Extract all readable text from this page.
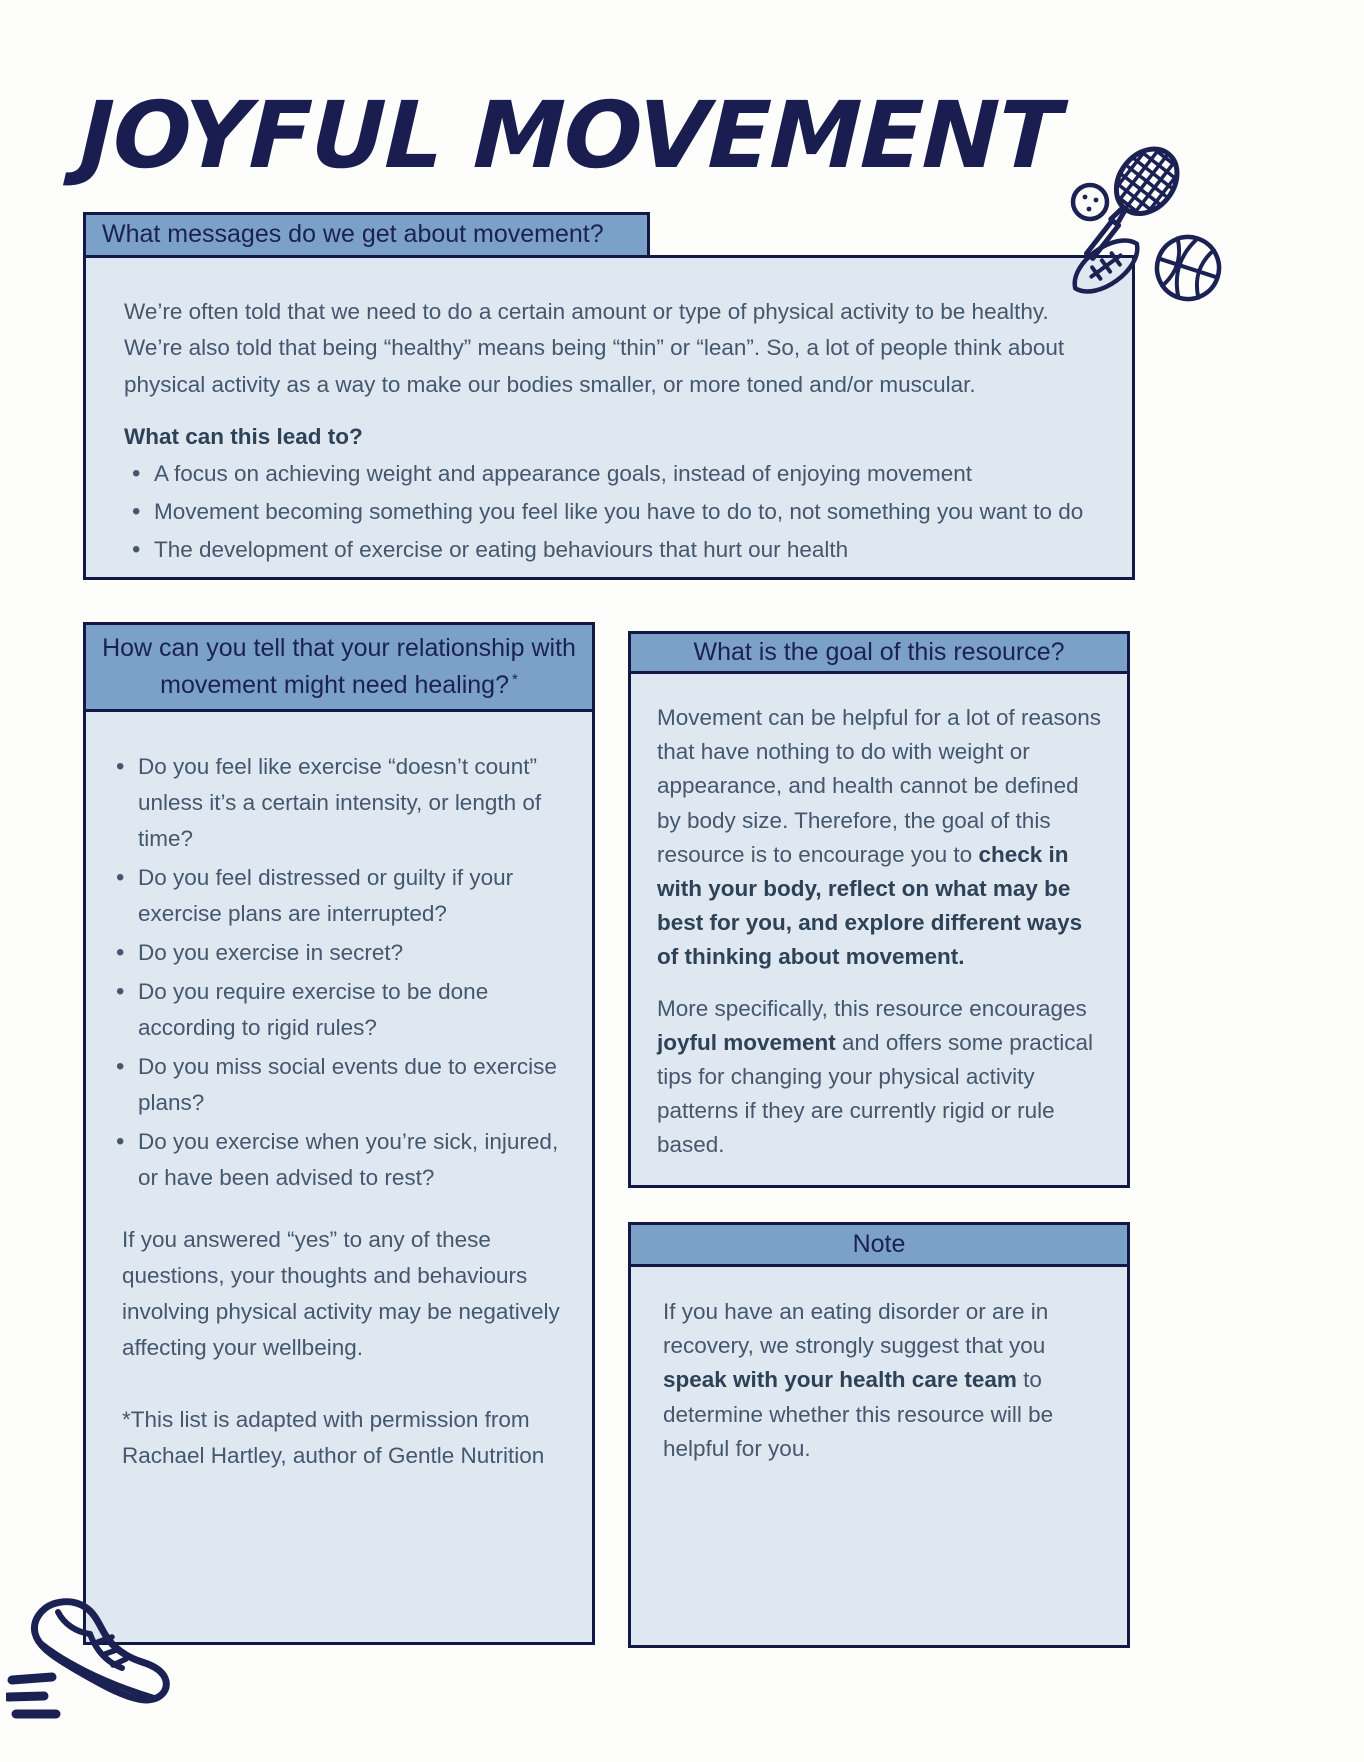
JOYFUL MOVEMENT
What messages do we get about movement?

We’re often told that we need to do a certain amount or type of physical activity to be healthy. We’re also told that being “healthy” means being “thin” or “lean”. So, a lot of people think about physical activity as a way to make our bodies smaller, or more toned and/or muscular.

What can this lead to?

• A focus on achieving weight and appearance goals, instead of enjoying movement
• Movement becoming something you feel like you have to do to, not something you want to do
• The development of exercise or eating behaviours that hurt our health
How can you tell that your relationship with movement might need healing? *
• Do you feel like exercise “doesn’t count” unless it’s a certain intensity, or length of time?
• Do you feel distressed or guilty if your exercise plans are interrupted?
• Do you exercise in secret?
• Do you require exercise to be done according to rigid rules?
• Do you miss social events due to exercise plans?
• Do you exercise when you’re sick, injured, or have been advised to rest?

If you answered “yes” to any of these questions, your thoughts and behaviours involving physical activity may be negatively affecting your wellbeing.

*This list is adapted with permission from Rachael Hartley, author of Gentle Nutrition

What is the goal of this resource?

Movement can be helpful for a lot of reasons that have nothing to do with weight or appearance, and health cannot be defined by body size. Therefore, the goal of this resource is to encourage you to check in with your body, reflect on what may be best for you, and explore different ways of thinking about movement.

More specifically, this resource encourages joyful movement and offers some practical tips for changing your physical activity patterns if they are currently rigid or rule based.

Note

If you have an eating disorder or are in recovery, we strongly suggest that you speak with your health care team to determine whether this resource will be helpful for you.
